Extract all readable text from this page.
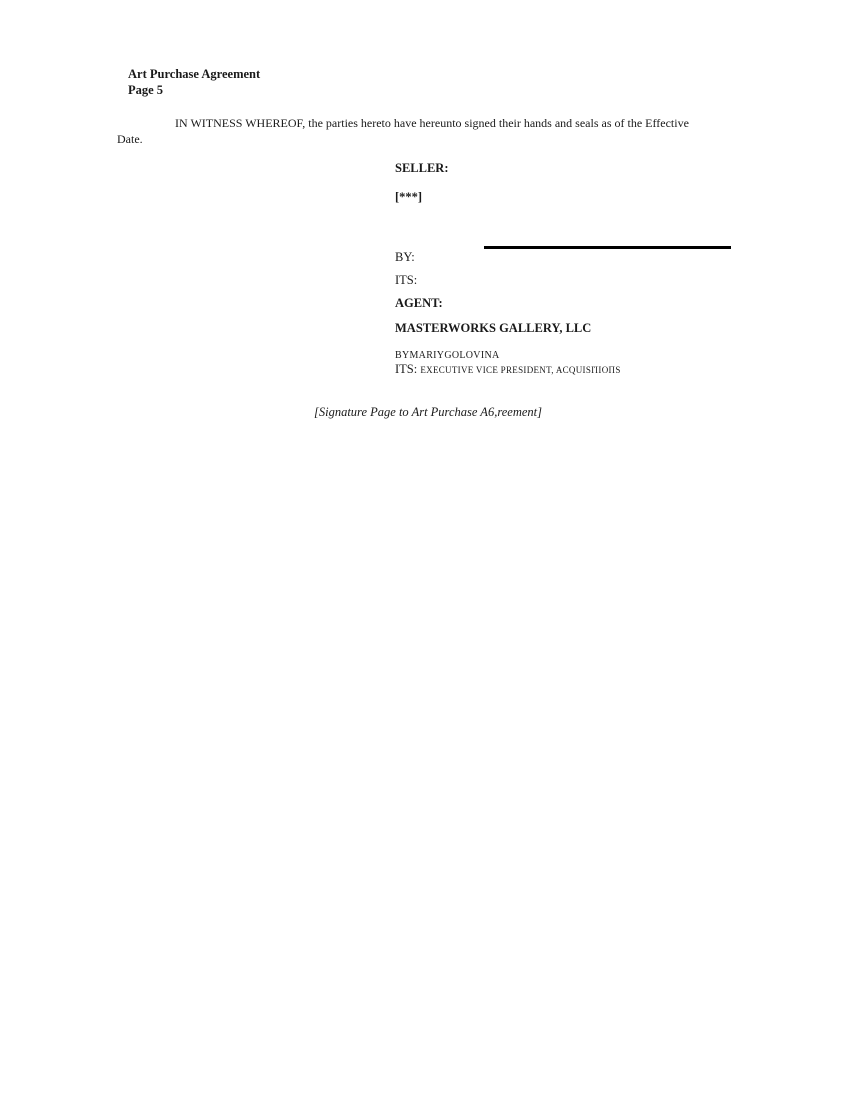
Art Purchase Agreement
Page 5
IN WITNESS WHEREOF, the parties hereto have hereunto signed their hands and seals as of the Effective
Date.
SELLER:
[***]
BY:
ITS:
AGENT:
MASTERWORKS GALLERY, LLC
BYMARIYGOLOVINA
ITS: EXECUTIVE VICE PRESIDENT, ACQUISΙΊΙΟΠS
[Signature Page to Art Purchase A6,reement]
